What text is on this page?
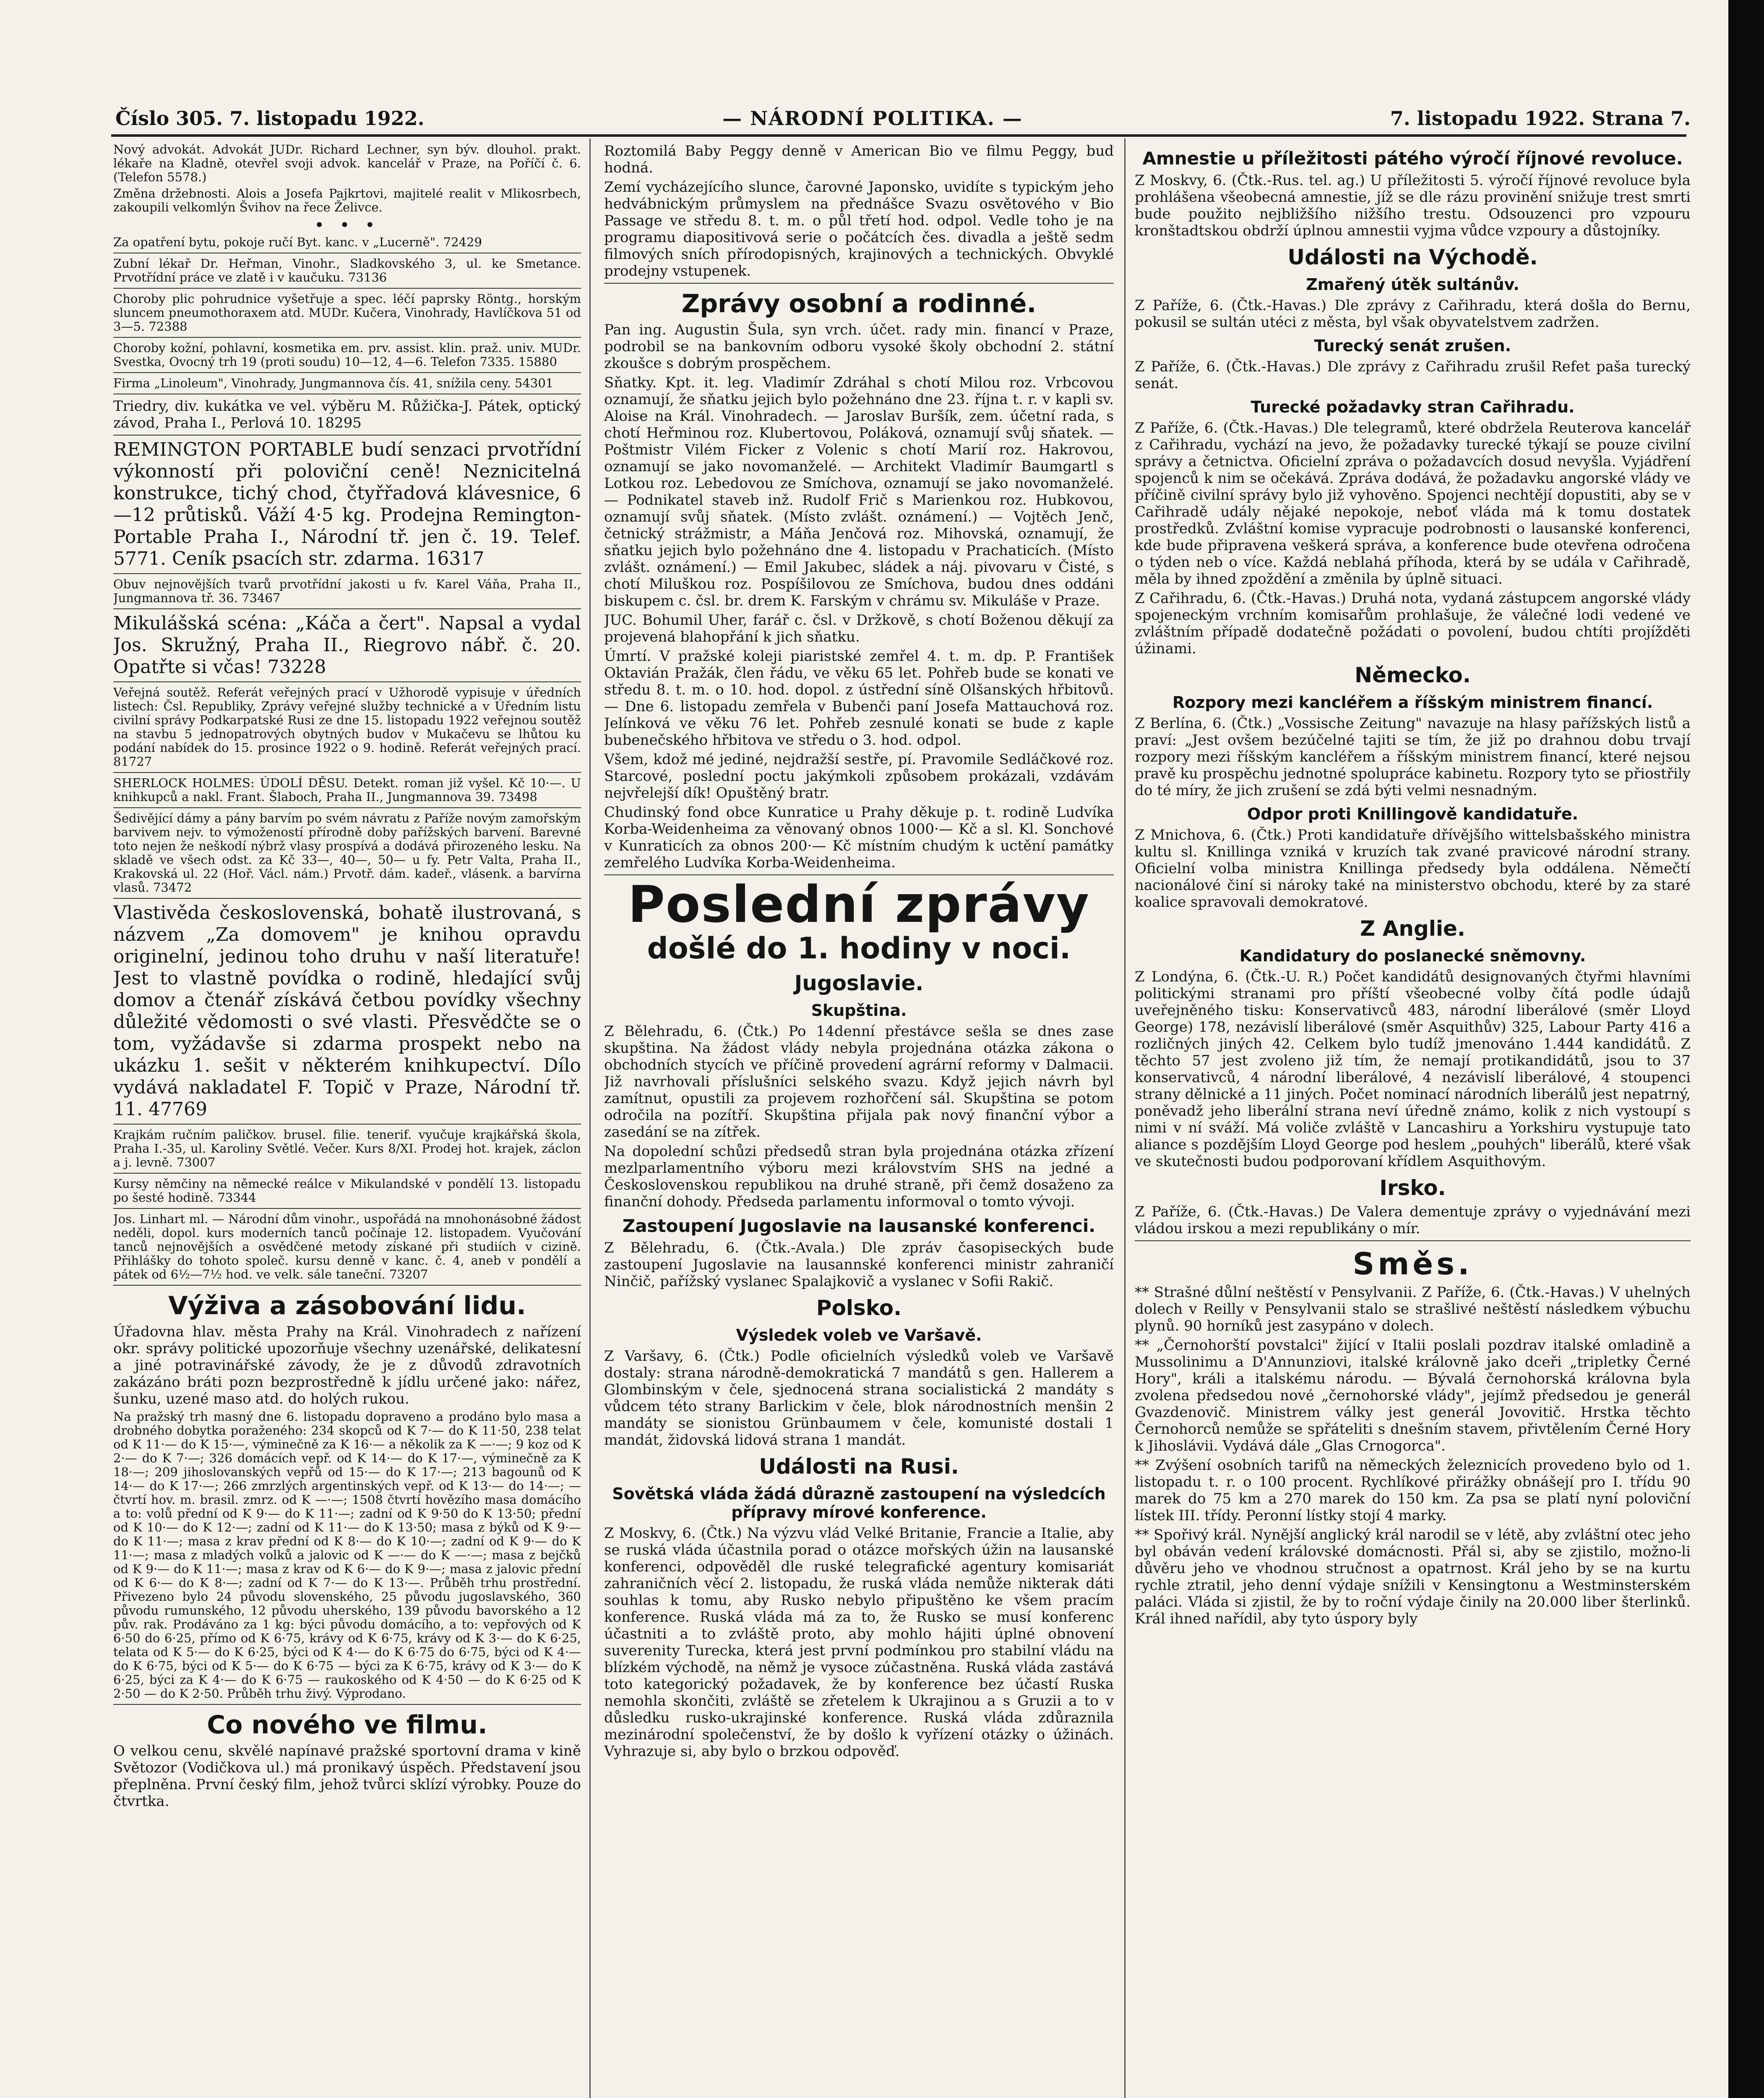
Číslo 305. 7. listopadu 1922.	— NÁRODNÍ POLITIKA. —	7. listopadu 1922. Strana 7.

Nový advokát. Advokát JUDr. Richard Lechner, syn býv. dlouhol. prakt. lékaře na Kladně, otevřel svoji advok. kancelář v Praze, na Poříčí č. 6. (Telefon 5578.)

Změna držebnosti. Alois a Josefa Pajkrtovi, majitelé realit v Mlikosrbech, zakoupili velkomlýn Švihov na řece Želivce.

• • •

Za opatření bytu, pokoje ručí Byt. kanc. v „Lucerně". 72429

Zubní lékař Dr. Heřman, Vinohr., Sladkovského 3, ul. ke Smetance. Prvotřídní práce ve zlatě i v kaučuku. 73136

Choroby plic pohrudnice vyšetřuje a spec. léčí paprsky Röntg., horským sluncem pneumothoraxem atd. MUDr. Kučera, Vinohrady, Havlíčkova 51 od 3—5. 72388

Choroby kožní, pohlavní, kosmetika em. prv. assist. klin. praž. univ. MUDr. Svestka, Ovocný trh 19 (proti soudu) 10—12, 4—6. Telefon 7335. 15880

Firma „Linoleum", Vinohrady, Jungmannova čís. 41, snížila ceny. 54301

Triedry, div. kukátka ve vel. výběru M. Růžička-J. Pátek, optický závod, Praha I., Perlová 10. 18295

REMINGTON PORTABLE budí senzaci prvotřídní výkonností při poloviční ceně! Neznicitelná konstrukce, tichý chod, čtyřřadová klávesnice, 6—12 průtisků. Váží 4·5 kg. Prodejna Remington-Portable Praha I., Národní tř. jen č. 19. Telef. 5771. Ceník psacích str. zdarma. 16317

Obuv nejnovějších tvarů prvotřídní jakosti u fv. Karel Váňa, Praha II., Jungmannova tř. 36. 73467

Mikulášská scéna: „Káča a čert". Napsal a vydal Jos. Skružný, Praha II., Riegrovo nábř. č. 20. Opatřte si včas! 73228

Veřejná soutěž. Referát veřejných prací v Užhorodě vypisuje v úředních listech: Čsl. Republiky, Zprávy veřejné služby technické a v Úředním listu civilní správy Podkarpatské Rusi ze dne 15. listopadu 1922 veřejnou soutěž na stavbu 5 jednopatrových obytných budov v Mukačevu se lhůtou ku podání nabídek do 15. prosince 1922 o 9. hodině. Referát veřejných prací. 81727

SHERLOCK HOLMES: ÚDOLÍ DĚSU. Detekt. roman již vyšel. Kč 10·—. U knihkupců a nakl. Frant. Šlaboch, Praha II., Jungmannova 39. 73498

Šedivějící dámy a pány barvím po svém návratu z Paříže novým zamořským barvivem nejv. to výmožeností přírodně doby pařížských barvení. Barevné toto nejen že neškodí nýbrž vlasy prospívá a dodává přirozeného lesku. Na skladě ve všech odst. za Kč 33—, 40—, 50— u fy. Petr Valta, Praha II., Krakovská ul. 22 (Hoř. Václ. nám.) Prvotř. dám. kadeř., vlásenk. a barvírna vlasů. 73472

Vlastivěda československá, bohatě ilustrovaná, s názvem „Za domovem" je knihou opravdu originelní, jedinou toho druhu v naší literatuře! Jest to vlastně povídka o rodině, hledající svůj domov a čtenář získává četbou povídky všechny důležité vědomosti o své vlasti. Přesvědčte se o tom, vyžádavše si zdarma prospekt nebo na ukázku 1. sešit v některém knihkupectví. Dílo vydává nakladatel F. Topič v Praze, Národní tř. 11. 47769

Krajkám ručním paličkov. brusel. filie. tenerif. vyučuje krajkářská škola, Praha I.-35, ul. Karoliny Světlé. Večer. Kurs 8/XI. Prodej hot. krajek, záclon a j. levně. 73007

Kursy němčiny na německé reálce v Mikulandské v pondělí 13. listopadu po šesté hodině. 73344

Jos. Linhart ml. — Národní dům vinohr., uspořádá na mnohonásobné žádost neděli, dopol. kurs moderních tanců počínaje 12. listopadem. Vyučování tanců nejnovějších a osvědčené metody získané při studiích v cizině. Přihlášky do tohoto společ. kursu denně v kanc. č. 4, aneb v pondělí a pátek od 6½—7½ hod. ve velk. sále taneční. 73207

Výživa a zásobování lidu.

Úřadovna hlav. města Prahy na Král. Vinohradech z nařízení okr. správy politické upozorňuje všechny uzenářské, delikatesní a jiné potravinářské závody, že je z důvodů zdravotních zakázáno bráti pozn bezprostředně k jídlu určené jako: nářez, šunku, uzené maso atd. do holých rukou.

Na pražský trh masný dne 6. listopadu dopraveno a prodáno bylo masa a drobného dobytka poraženého: 234 skopců od K 7·— do K 11·50, 238 telat od K 11·— do K 15·—, výminečně za K 16·— a několik za K —·—; 9 koz od K 2·— do K 7·—; 326 domácích vepř. od K 14·— do K 17·—, výminečně za K 18·—; 209 jihoslovanských vepřů od 15·— do K 17·—; 213 bagounů od K 14·— do K 17·—; 266 zmrzlých argentinských vepř. od K 13·— do 14·—; — čtvrtí hov. m. brasil. zmrz. od K —·—; 1508 čtvrtí hovězího masa domácího a to: volů přední od K 9·— do K 11·—; zadní od K 9·50 do K 13·50; přední od K 10·— do K 12·—; zadní od K 11·— do K 13·50; masa z býků od K 9·— do K 11·—; masa z krav přední od K 8·— do K 10·—; zadní od K 9·— do K 11·—; masa z mladých volků a jalovic od K —·— do K —·—; masa z bejčků od K 9·— do K 11·—; masa z krav od K 6·— do K 9·—; masa z jalovic přední od K 6·— do K 8·—; zadní od K 7·— do K 13·—. Průběh trhu prostřední. Přivezeno bylo 24 původu slovenského, 25 původu jugoslavského, 360 původu rumunského, 12 původu uherského, 139 původu bavorského a 12 pův. rak. Prodáváno za 1 kg: býci původu domácího, a to: vepřových od K 6·50 do 6·25, přímo od K 6·75, krávy od K 6·75, krávy od K 3·— do K 6·25, telata od K 5·— do K 6·25, býci od K 4·— do K 6·75 do 6·75, býci od K 4·— do K 6·75, býci od K 5·— do K 6·75 — býci za K 6·75, krávy od K 3·— do K 6·25, býci za K 4·— do K 6·75 — raukoského od K 4·50 — do K 6·25 od K 2·50 — do K 2·50. Průběh trhu živý. Výprodano.

Co nového ve filmu.

O velkou cenu, skvělé napínavé pražské sportovní drama v kině Světozor (Vodičkova ul.) má pronikavý úspěch. Představení jsou přeplněna. První český film, jehož tvůrci sklízí výrobky. Pouze do čtvrtka.

Roztomilá Baby Peggy denně v American Bio ve filmu Peggy, buď hodná.

Zemí vycházejícího slunce, čarovné Japonsko, uvidíte s typickým jeho hedvábnickým průmyslem na přednášce Svazu osvětového v Bio Passage ve středu 8. t. m. o půl třetí hod. odpol. Vedle toho je na programu diapositivová serie o počátcích čes. divadla a ještě sedm filmových sních přírodopisných, krajinových a technických. Obvyklé prodejny vstupenek.

Zprávy osobní a rodinné.

Pan ing. Augustin Šula, syn vrch. účet. rady min. financí v Praze, podrobil se na bankovním odboru vysoké školy obchodní 2. státní zkoušce s dobrým prospěchem.

Sňatky. Kpt. it. leg. Vladimír Zdráhal s chotí Milou roz. Vrbcovou oznamují, že sňatku jejich bylo požehnáno dne 23. října t. r. v kapli sv. Aloise na Král. Vinohradech. — Jaroslav Buršík, zem. účetní rada, s chotí Heřminou roz. Klubertovou, Poláková, oznamují svůj sňatek. — Poštmistr Vilém Ficker z Volenic s chotí Marií roz. Hakrovou, oznamují se jako novomanželé. — Architekt Vladimír Baumgartl s Lotkou roz. Lebedovou ze Smíchova, oznamují se jako novomanželé. — Podnikatel staveb inž. Rudolf Frič s Marienkou roz. Hubkovou, oznamují svůj sňatek. (Místo zvlášt. oznámení.) — Vojtěch Jenč, četnický strážmistr, a Máňa Jenčová roz. Mihovská, oznamují, že sňatku jejich bylo požehnáno dne 4. listopadu v Prachaticích. (Místo zvlášt. oznámení.) — Emil Jakubec, sládek a náj. pivovaru v Čisté, s chotí Miluškou roz. Pospíšilovou ze Smíchova, budou dnes oddáni biskupem c. čsl. br. drem K. Farským v chrámu sv. Mikuláše v Praze.

JUC. Bohumil Uher, farář c. čsl. v Držkově, s chotí Boženou děkují za projevená blahopřání k jich sňatku.

Úmrtí. V pražské koleji piaristské zemřel 4. t. m. dp. P. František Oktavián Pražák, člen řádu, ve věku 65 let. Pohřeb bude se konati ve středu 8. t. m. o 10. hod. dopol. z ústřední síně Olšanských hřbitovů. — Dne 6. listopadu zemřela v Bubenči paní Josefa Mattauchová roz. Jelínková ve věku 76 let. Pohřeb zesnulé konati se bude z kaple bubenečského hřbitova ve středu o 3. hod. odpol.

Všem, kdož mé jediné, nejdražší sestře, pí. Pravomile Sedláčkové roz. Starcové, poslední poctu jakýmkoli způsobem prokázali, vzdávám nejvřelejší dík! Opuštěný bratr.

Chudinský fond obce Kunratice u Prahy děkuje p. t. rodině Ludvíka Korba-Weidenheima za věnovaný obnos 1000·— Kč a sl. Kl. Sonchové v Kunraticích za obnos 200·— Kč místním chudým k uctění památky zemřelého Ludvíka Korba-Weidenheima.

Poslední zprávy
došlé do 1. hodiny v noci.
Jugoslavie.
Skupština.

Z Bělehradu, 6. (Čtk.) Po 14denní přestávce sešla se dnes zase skupština. Na žádost vlády nebyla projednána otázka zákona o obchodních stycích ve příčině provedení agrární reformy v Dalmacii. Již navrhovali příslušníci selského svazu. Když jejich návrh byl zamítnut, opustili za projevem rozhořčení sál. Skupština se potom odročila na pozítří. Skupština přijala pak nový finanční výbor a zasedání se na zítřek.

Na dopolední schůzi předsedů stran byla projednána otázka zřízení mezlparlamentního výboru mezi královstvím SHS na jedné a Československou republikou na druhé straně, při čemž dosaženo za finanční dohody. Předseda parlamentu informoval o tomto vývoji.

Zastoupení Jugoslavie na lausanské konferenci.

Z Bělehradu, 6. (Čtk.-Avala.) Dle zpráv časopiseckých bude zastoupení Jugoslavie na lausannské konferenci ministr zahraničí Ninčič, pařížský vyslanec Spalajkovič a vyslanec v Sofii Rakič.

Polsko.
Výsledek voleb ve Varšavě.

Z Varšavy, 6. (Čtk.) Podle oficielních výsledků voleb ve Varšavě dostaly: strana národně-demokratická 7 mandátů s gen. Hallerem a Glombinským v čele, sjednocená strana socialistická 2 mandáty s vůdcem této strany Barlickim v čele, blok národnostních menšin 2 mandáty se sionistou Grünbaumem v čele, komunisté dostali 1 mandát, židovská lidová strana 1 mandát.

Události na Rusi.
Sovětská vláda žádá důrazně zastoupení na výsledcích přípravy mírové konference.

Z Moskvy, 6. (Čtk.) Na výzvu vlád Velké Britanie, Francie a Italie, aby se ruská vláda účastnila porad o otázce mořských úžin na lausanské konferenci, odpověděl dle ruské telegrafické agentury komisariát zahraničních věcí 2. listopadu, že ruská vláda nemůže nikterak dáti souhlas k tomu, aby Rusko nebylo připuštěno ke všem pracím konference. Ruská vláda má za to, že Rusko se musí konferenc účastniti a to zvláště proto, aby mohlo hájiti úplné obnovení suverenity Turecka, která jest první podmínkou pro stabilní vládu na blízkém východě, na němž je vysoce zúčastněna. Ruská vláda zastává toto kategorický požadavek, že by konference bez účastí Ruska nemohla skončiti, zvláště se zřetelem k Ukrajinou a s Gruzii a to v důsledku rusko-ukrajinské konference. Ruská vláda zdůraznila mezinárodní společenství, že by došlo k vyřízení otázky o úžinách. Vyhrazuje si, aby bylo o brzkou odpověď.

Amnestie u příležitosti pátého výročí říjnové revoluce.

Z Moskvy, 6. (Čtk.-Rus. tel. ag.) U příležitosti 5. výročí říjnové revoluce byla prohlášena všeobecná amnestie, jíž se dle rázu provinění snižuje trest smrti bude použito nejbližšího nižšího trestu. Odsouzenci pro vzpouru kronštadtskou obdrží úplnou amnestii vyjma vůdce vzpoury a důstojníky.

Události na Východě.
Zmařený útěk sultánův.

Z Paříže, 6. (Čtk.-Havas.) Dle zprávy z Cařihradu, která došla do Bernu, pokusil se sultán utéci z města, byl však obyvatelstvem zadržen.

Turecký senát zrušen.

Z Paříže, 6. (Čtk.-Havas.) Dle zprávy z Cařihradu zrušil Refet paša turecký senát.

Turecké požadavky stran Cařihradu.

Z Paříže, 6. (Čtk.-Havas.) Dle telegramů, které obdržela Reuterova kancelář z Cařihradu, vychází na jevo, že požadavky turecké týkají se pouze civilní správy a četnictva. Oficielní zpráva o požadavcích dosud nevyšla. Vyjádření spojenců k nim se očekává. Zpráva dodává, že požadavku angorské vlády ve příčině civilní správy bylo již vyhověno. Spojenci nechtějí dopustiti, aby se v Cařihradě udály nějaké nepokoje, neboť vláda má k tomu dostatek prostředků. Zvláštní komise vypracuje podrobnosti o lausanské konferenci, kde bude připravena veškerá správa, a konference bude otevřena odročena o týden neb o více. Každá neblahá příhoda, která by se udála v Cařihradě, měla by ihned zpoždění a změnila by úplně situaci.

Z Cařihradu, 6. (Čtk.-Havas.) Druhá nota, vydaná zástupcem angorské vlády spojeneckým vrchním komisařům prohlašuje, že válečné lodi vedené ve zvláštním případě dodatečně požádati o povolení, budou chtíti projížděti úžinami.

Německo.
Rozpory mezi kancléřem a říšským ministrem financí.

Z Berlína, 6. (Čtk.) „Vossische Zeitung" navazuje na hlasy pařížských listů a praví: „Jest ovšem bezúčelné tajiti se tím, že již po drahnou dobu trvají rozpory mezi říšským kancléřem a říšským ministrem financí, které nejsou pravě ku prospěchu jednotné spolupráce kabinetu. Rozpory tyto se přiostřily do té míry, že jich zrušení se zdá býti velmi nesnadným.

Odpor proti Knillingově kandidatuře.

Z Mnichova, 6. (Čtk.) Proti kandidatuře dřívějšího wittelsbašského ministra kultu sl. Knillinga vzniká v kruzích tak zvané pravicové národní strany. Oficielní volba ministra Knillinga předsedy byla oddálena. Němečtí nacionálové činí si nároky také na ministerstvo obchodu, které by za staré koalice spravovali demokratové.

Z Anglie.
Kandidatury do poslanecké sněmovny.

Z Londýna, 6. (Čtk.-U. R.) Počet kandidátů designovaných čtyřmi hlavními politickými stranami pro příští všeobecné volby čítá podle údajů uveřejněného tisku: Konservativců 483, národní liberálové (směr Lloyd George) 178, nezávislí liberálové (směr Asquithův) 325, Labour Party 416 a rozličných jiných 42. Celkem bylo tudíž jmenováno 1.444 kandidátů. Z těchto 57 jest zvoleno již tím, že nemají protikandidátů, jsou to 37 konservativců, 4 národní liberálové, 4 nezávislí liberálové, 4 stoupenci strany dělnické a 11 jiných. Počet nominací národních liberálů jest nepatrný, poněvadž jeho liberální strana neví úředně známo, kolik z nich vystoupí s nimi v ní sváží. Má voliče zvláště v Lancashiru a Yorkshiru vystupuje tato aliance s pozdějším Lloyd George pod heslem „pouhých" liberálů, které však ve skutečnosti budou podporovaní křídlem Asquithovým.

Irsko.

Z Paříže, 6. (Čtk.-Havas.) De Valera dementuje zprávy o vyjednávání mezi vládou irskou a mezi republikány o mír.

Směs.

** Strašné důlní neštěstí v Pensylvanii. Z Paříže, 6. (Čtk.-Havas.) V uhelných dolech v Reilly v Pensylvanii stalo se strašlivé neštěstí následkem výbuchu plynů. 90 horníků jest zasypáno v dolech.

** „Černohorští povstalci" žijící v Italii poslali pozdrav italské omladině a Mussolinimu a D'Annunziovi, italské královně jako dceři „tripletky Černé Hory", králi a italskému národu. — Bývalá černohorská královna byla zvolena předsedou nové „černohorské vlády", jejímž předsedou je generál Gvazdenovič. Ministrem války jest generál Jovovitič. Hrstka těchto Černohorců nemůže se spřáteliti s dnešním stavem, přivtělením Černé Hory k Jihoslávii. Vydává dále „Glas Crnogorca".

** Zvýšení osobních tarifů na německých železnicích provedeno bylo od 1. listopadu t. r. o 100 procent. Rychlíkové přirážky obnášejí pro I. třídu 90 marek do 75 km a 270 marek do 150 km. Za psa se platí nyní poloviční lístek III. třídy. Peronní lístky stojí 4 marky.

** Spořivý král. Nynější anglický král narodil se v létě, aby zvláštní otec jeho byl obáván vedení královské domácnosti. Přál si, aby se zjistilo, možno-li důvěru jeho ve vhodnou stručnost a opatrnost. Král jeho by se na kurtu rychle ztratil, jeho denní výdaje snížili v Kensingtonu a Westminsterském paláci. Vláda si zjistil, že by to roční výdaje činily na 20.000 liber šterlinků. Král ihned nařídil, aby tyto úspory byly
